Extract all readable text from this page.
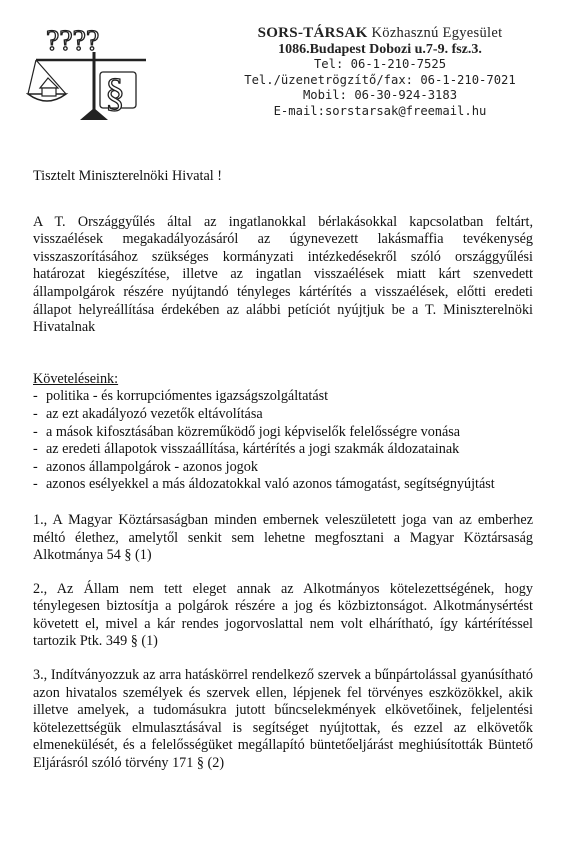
????
§
SORS-TÁRSAK Közhasznú Egyesület
1086.Budapest Dobozi u.7-9. fsz.3.
Tel: 06-1-210-7525
Tel./üzenetrögzítő/fax: 06-1-210-7021
Mobil: 06-30-924-3183
E-mail:sorstarsak@freemail.hu

Tisztelt Miniszterelnöki Hivatal !

A T. Országgyűlés által az ingatlanokkal bérlakásokkal kapcsolatban feltárt, visszaélések megakadályozásáról az úgynevezett lakásmaffia tevékenység visszaszorításához szükséges kormányzati intézkedésekről szóló országgyűlési határozat kiegészítése, illetve az ingatlan visszaélések miatt kárt szenvedett állampolgárok részére nyújtandó tényleges kártérítés a visszaélések, előtti eredeti állapot helyreállítása érdekében az alábbi petíciót nyújtjuk be a T. Miniszterelnöki Hivatalnak

Követeléseink:

- politika - és korrupciómentes igazságszolgáltatást
- az ezt akadályozó vezetők eltávolítása
- a mások kifosztásában közreműködő jogi képviselők felelősségre vonása
- az eredeti állapotok visszaállítása, kártérítés a jogi szakmák áldozatainak
- azonos állampolgárok - azonos jogok
- azonos esélyekkel a más áldozatokkal való azonos támogatást, segítségnyújtást

1., A Magyar Köztársaságban minden embernek veleszületett joga van az emberhez méltó élethez, amelytől senkit sem lehetne megfosztani a Magyar Köztársaság Alkotmánya 54 § (1)

2., Az Állam nem tett eleget annak az Alkotmányos kötelezettségének, hogy ténylegesen biztosítja a polgárok részére a jog és közbiztonságot. Alkotmánysértést követett el, mivel a kár rendes jogorvoslattal nem volt elhárítható, így kártérítéssel tartozik Ptk. 349 § (1)

3., Indítványozzuk az arra hatáskörrel rendelkező szervek a bűnpártolással gyanúsítható azon hivatalos személyek és szervek ellen, lépjenek fel törvényes eszközökkel, akik illetve amelyek, a tudomásukra jutott bűncselekmények elkövetőinek, feljelentési kötelezettségük elmulasztásával is segítséget nyújtottak, és ezzel az elkövetők elmenekülését, és a felelősségüket megállapító büntetőeljárást meghiúsították Büntető Eljárásról szóló törvény 171 § (2)
